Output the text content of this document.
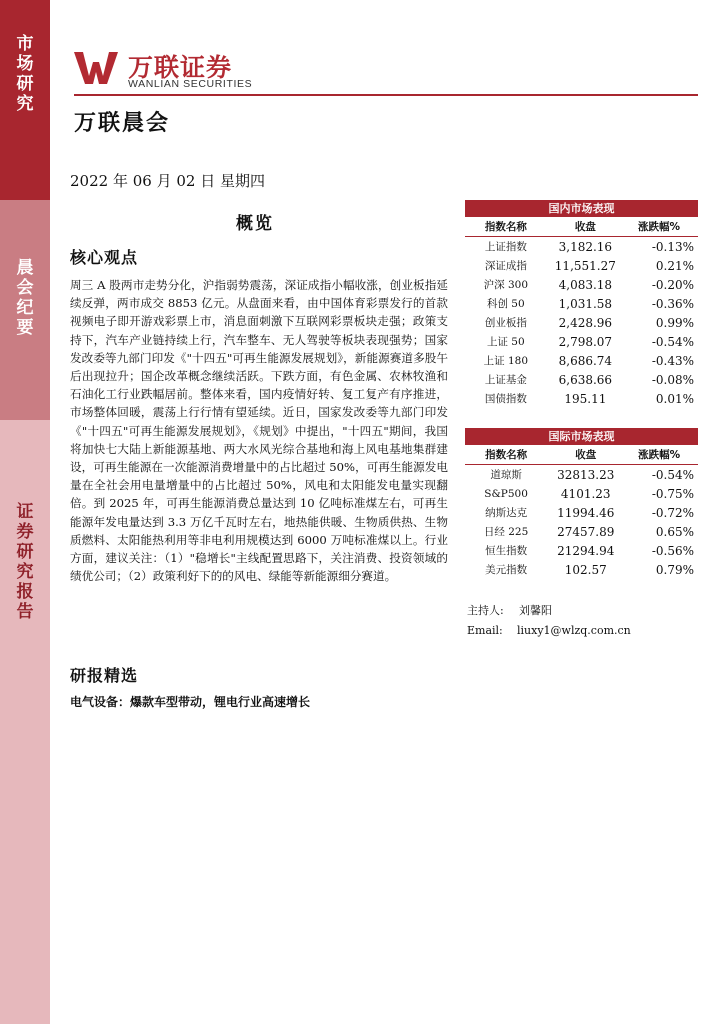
市
场
研
究
晨
会
纪
要
证
券
研
究
报
告
万联证券
WANLIAN SECURITIES
万联晨会
2022 年 06 月 02 日 星期四
概览
核心观点

周三 A 股两市走势分化，沪指弱势震荡，深证成指小幅收涨，创业板指延续反弹，两市成交 8853 亿元。从盘面来看，由中国体育彩票发行的首款视频电子即开游戏彩票上市，消息面刺激下互联网彩票板块走强；政策支持下，汽车产业链持续上行，汽车整车、无人驾驶等板块表现强势；国家发改委等九部门印发《"十四五"可再生能源发展规划》，新能源赛道多股午后出现拉升；国企改革概念继续活跃。下跌方面，有色金属、农林牧渔和石油化工行业跌幅居前。整体来看，国内疫情好转、复工复产有序推进，市场整体回暖，震荡上行行情有望延续。近日，国家发改委等九部门印发《"十四五"可再生能源发展规划》，《规划》中提出，"十四五"期间，我国将加快七大陆上新能源基地、两大水风光综合基地和海上风电基地集群建设，可再生能源在一次能源消费增量中的占比超过 50%，可再生能源发电量在全社会用电量增量中的占比超过 50%，风电和太阳能发电量实现翻倍。到 2025 年，可再生能源消费总量达到 10 亿吨标准煤左右，可再生能源年发电量达到 3.3 万亿千瓦时左右，地热能供暖、生物质供热、生物质燃料、太阳能热利用等非电利用规模达到 6000 万吨标准煤以上。行业方面，建议关注：（1）"稳增长"主线配置思路下，关注消费、投资领域的绩优公司；（2）政策利好下的的风电、绿能等新能源细分赛道。

研报精选
电气设备：爆款车型带动，锂电行业高速增长
国内市场表现		
指数名称	收盘	涨跌幅%
上证指数	3,182.16	-0.13%
深证成指	11,551.27	0.21%
沪深 300	4,083.18	-0.20%
科创 50	1,031.58	-0.36%
创业板指	2,428.96	0.99%
上证 50	2,798.07	-0.54%
上证 180	8,686.74	-0.43%
上证基金	6,638.66	-0.08%
国债指数	195.11	0.01%
国际市场表现		
指数名称	收盘	涨跌幅%
道琼斯	32813.23	-0.54%
S&P500	4101.23	-0.75%
纳斯达克	11994.46	-0.72%
日经 225	27457.89	0.65%
恒生指数	21294.94	-0.56%
美元指数	102.57	0.79%
主持人: 刘馨阳
Email: liuxy1@wlzq.com.cn
